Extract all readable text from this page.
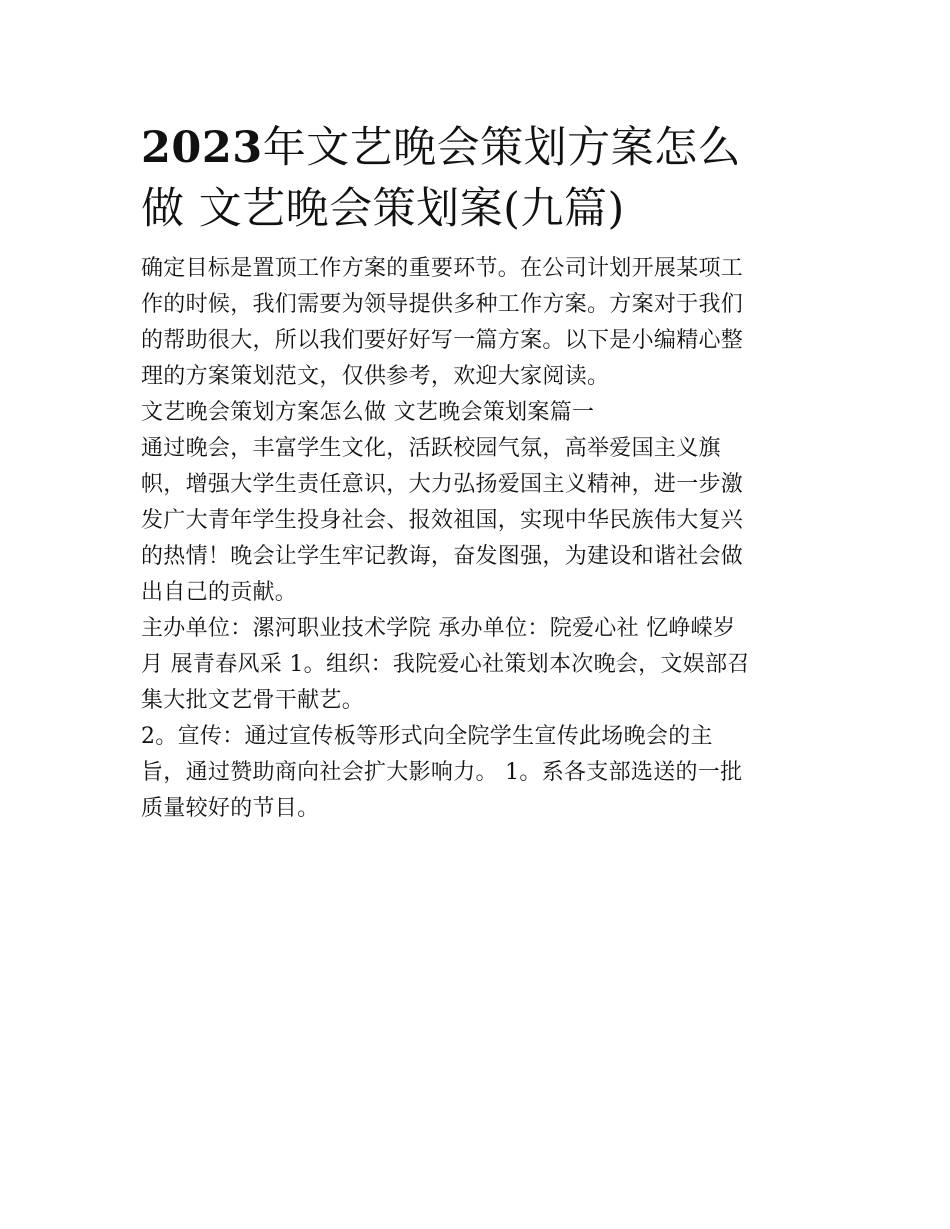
2023年文艺晚会策划方案怎么
做 文艺晚会策划案(九篇)

确定目标是置顶工作方案的重要环节。在公司计划开展某项工
作的时候，我们需要为领导提供多种工作方案。方案对于我们
的帮助很大，所以我们要好好写一篇方案。以下是小编精心整
理的方案策划范文，仅供参考，欢迎大家阅读。

文艺晚会策划方案怎么做 文艺晚会策划案篇一

通过晚会，丰富学生文化，活跃校园气氛，高举爱国主义旗
帜，增强大学生责任意识，大力弘扬爱国主义精神，进一步激
发广大青年学生投身社会、报效祖国，实现中华民族伟大复兴
的热情！晚会让学生牢记教诲，奋发图强，为建设和谐社会做
出自己的贡献。

主办单位：漯河职业技术学院 承办单位：院爱心社 忆峥嵘岁
月 展青春风采 1。组织：我院爱心社策划本次晚会，文娱部召
集大批文艺骨干献艺。

2。宣传：通过宣传板等形式向全院学生宣传此场晚会的主
旨，通过赞助商向社会扩大影响力。 1。系各支部选送的一批
质量较好的节目。
